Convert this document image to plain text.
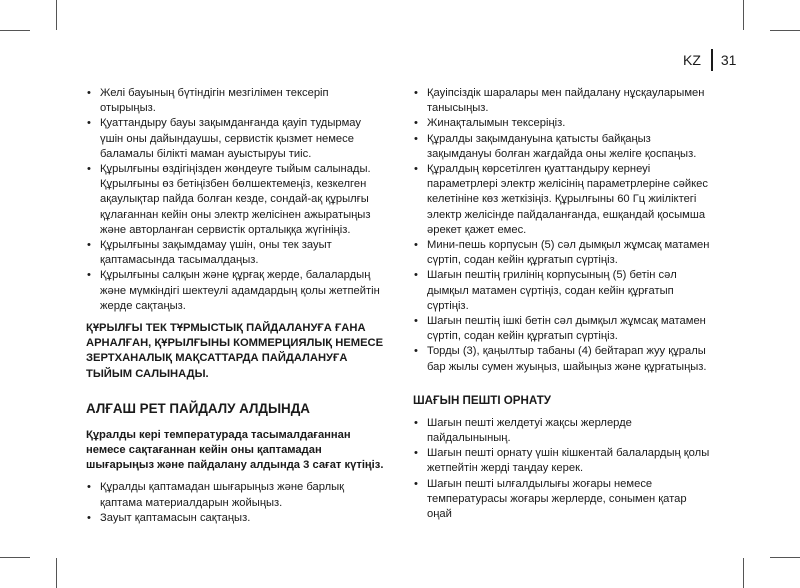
KZ 31
• Желі бауының бүтіндігін мезгілімен тексеріп отырыңыз.
• Қуаттандыру бауы зақымданғанда қауіп тудырмау үшін оны дайындаушы, сервистік қызмет немесе баламалы білікті маман ауыстыруы тиіс.
• Құрылғыны өздігіңізден жөндеуге тыйым салынады. Құрылғыны өз бетіңізбен бөлшектемеңіз, кезкелген ақаулықтар пайда болған кезде, сондай-ақ құрылғы құлағаннан кейін оны электр желісінен ажыратыңыз және авторланған сервистік орталыққа жүгініңіз.
• Құрылғыны зақымдамау үшін, оны тек зауыт қаптамасында тасымалдаңыз.
• Құрылғыны салқын және құрғақ жерде, балалардың және мүмкіндігі шектеулі адамдардың қолы жетпейтін жерде сақтаңыз.
ҚҰРЫЛҒЫ ТЕК ТҰРМЫСТЫҚ ПАЙДАЛАНУҒА ҒАНА АРНАЛҒАН, ҚҰРЫЛҒЫНЫ КОММЕРЦИЯЛЫҚ НЕМЕСЕ ЗЕРТХАНАЛЫҚ МАҚСАТТАРДА ПАЙДАЛАНУҒА ТЫЙЫМ САЛЫНАДЫ.
АЛҒАШ РЕТ ПАЙДАЛУ АЛДЫНДА
Құралды кері температурада тасымалдағаннан немесе сақтағаннан кейін оны қаптамадан шығарыңыз және пайдалану алдында 3 сағат күтіңіз.
• Құралды қаптамадан шығарыңыз және барлық қаптама материалдарын жойыңыз.
• Зауыт қаптамасын сақтаңыз.
• Қауіпсіздік шаралары мен пайдалану нұсқауларымен танысыңыз.
• Жинақталымын тексеріңіз.
• Құралды зақымдануына қатысты байқаңыз зақымдануы болған жағдайда оны желіге қоспаңыз.
• Құралдың көрсетілген қуаттандыру кернеуі параметрлері электр желісінің параметрлеріне сәйкес келетініне көз жеткізіңіз. Құрылғыны 60 Гц жиіліктегі электр желісінде пайдаланғанда, ешқандай қосымша әрекет қажет емес.
• Мини-пешь корпусын (5) сәл дымқыл жұмсақ матамен сүртіп, содан кейін құрғатып сүртіңіз.
• Шағын пештің грилінің корпусының (5) бетін сәл дымқыл матамен сүртіңіз, содан кейін құрғатып сүртіңіз.
• Шағын пештің ішкі бетін сәл дымқыл жұмсақ матамен сүртіп, содан кейін құрғатып сүртіңіз.
• Торды (3), қаңылтыр табаны (4) бейтарап жуу құралы бар жылы сумен жуыңыз, шайыңыз және құрғатыңыз.
ШАҒЫН ПЕШТІ ОРНАТУ
• Шағын пешті желдетуі жақсы жерлерде пайдалынының.
• Шағын пешті орнату үшін кішкентай балалардың қолы жетпейтін жерді таңдау керек.
• Шағын пешті ылғалдылығы жоғары немесе температурасы жоғары жерлерде, сонымен қатар оңай
